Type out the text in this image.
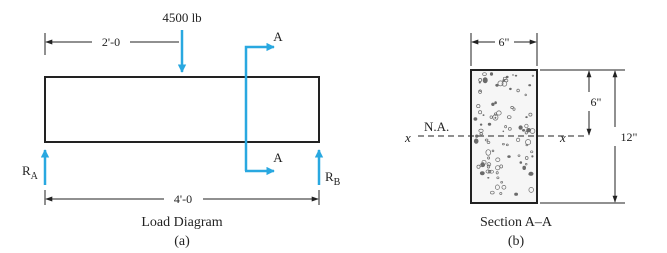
2'-0
4500 lb
A
A
$R_A$	$R_B$
4'-0
Load Diagram
(a)
6"
N.A.
x	x
6"
12"
Section A–A
(b)
